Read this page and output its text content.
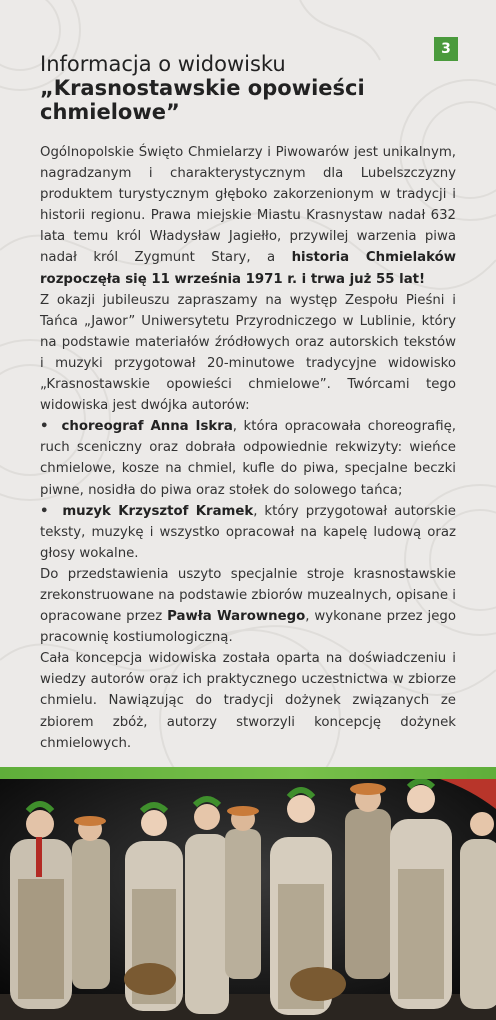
3
Informacja o widowisku
„Krasnostawskie opowieści
chmielowe”

Ogólnopolskie Święto Chmielarzy i Piwowarów jest unikalnym, nagradzanym i charakterystycznym dla Lubelszczyzny produktem turystycznym głęboko zakorzenionym w tradycji i historii regionu. Prawa miejskie Miastu Krasnystaw nadał 632 lata temu król Władysław Jagiełło, przywilej warzenia piwa nadał król Zygmunt Stary, a historia Chmielaków rozpoczęła się 11 września 1971 r. i trwa już 55 lat!

Z okazji jubileuszu zapraszamy na występ Zespołu Pieśni i Tańca „Jawor” Uniwersytetu Przyrodniczego w Lublinie, który na podstawie materiałów źródłowych oraz autorskich tekstów i muzyki przygotował 20-minutowe tradycyjne widowisko „Krasnostawskie opowieści chmielowe”. Twórcami tego widowiska jest dwójka autorów:

• choreograf Anna Iskra, która opracowała choreografię, ruch sceniczny oraz dobrała odpowiednie rekwizyty: wieńce chmielowe, kosze na chmiel, kufle do piwa, specjalne beczki piwne, nosidła do piwa oraz stołek do solowego tańca;

• muzyk Krzysztof Kramek, który przygotował autorskie teksty, muzykę i wszystko opracował na kapelę ludową oraz głosy wokalne.

Do przedstawienia uszyto specjalnie stroje krasnostawskie zrekonstruowane na podstawie zbiorów muzealnych, opisane i opracowane przez Pawła Warownego, wykonane przez jego pracownię kostiumologiczną.

Cała koncepcja widowiska została oparta na doświadczeniu i wiedzy autorów oraz ich praktycznego uczestnictwa w zbiorze chmielu. Nawiązując do tradycji dożynek związanych ze zbiorem zbóż, autorzy stworzyli koncepcję dożynek chmielowych.
